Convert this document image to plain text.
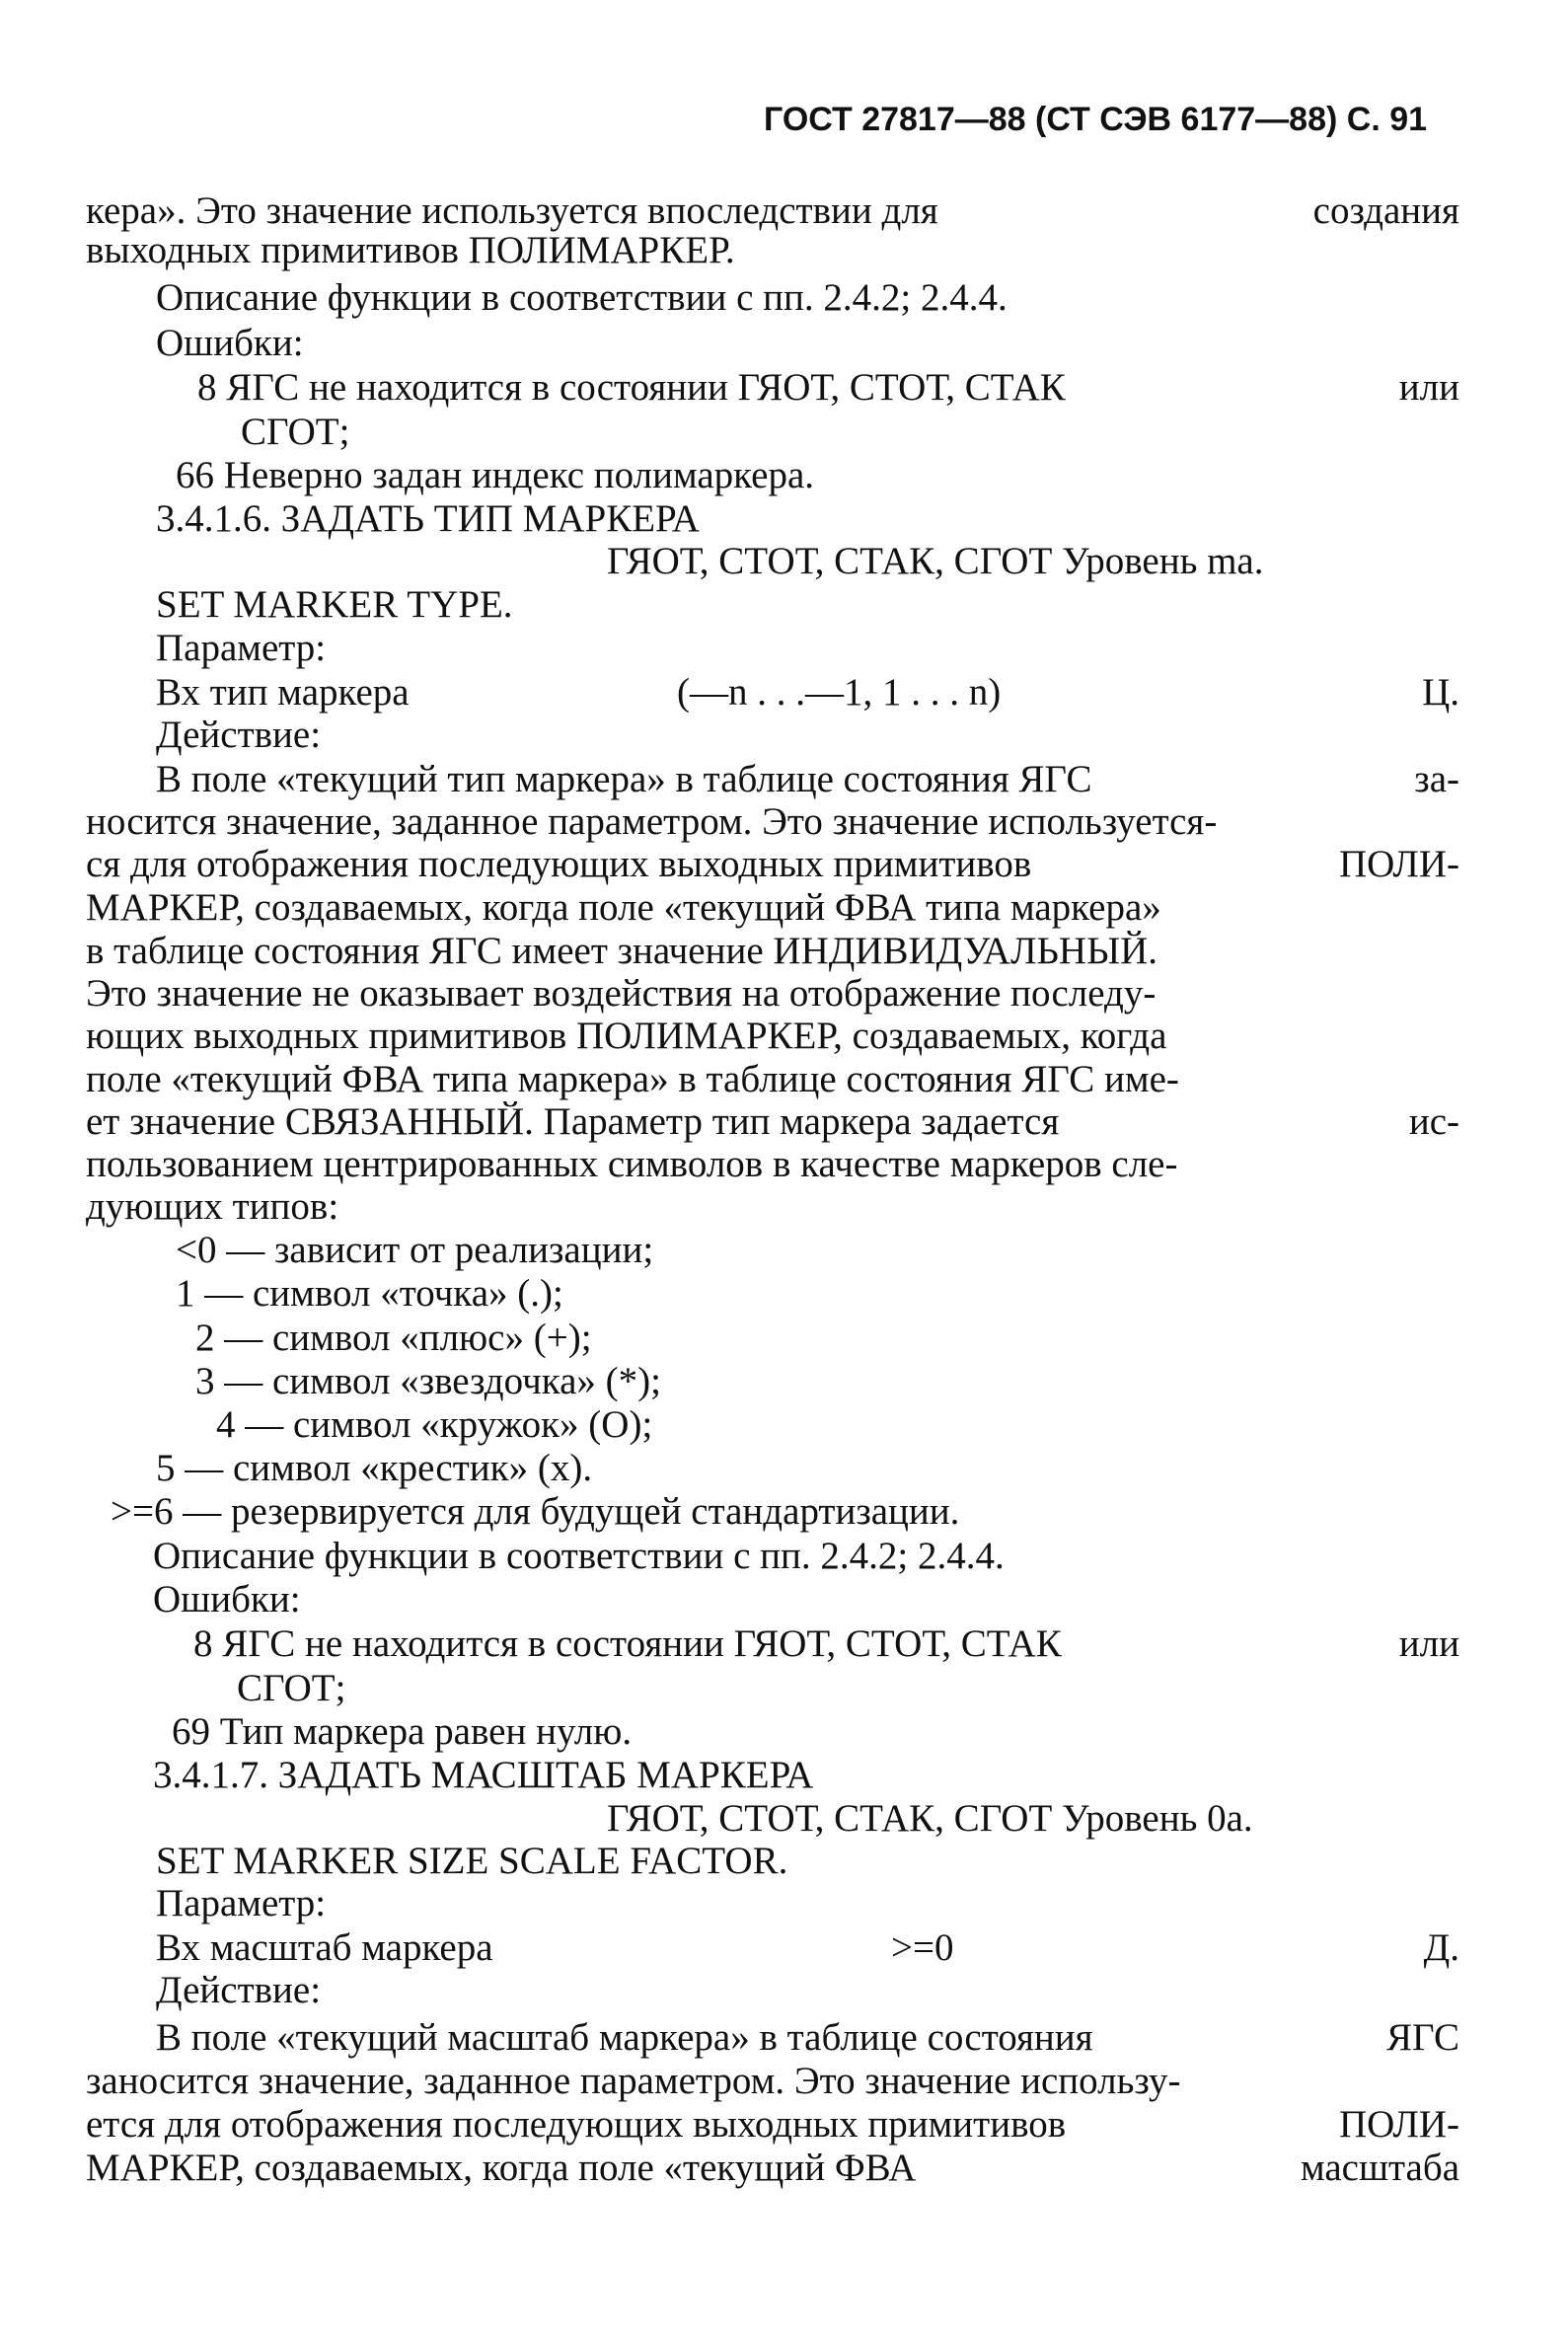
ГОСТ 27817—88 (СТ СЭВ 6177—88) С. 91
кера». Это значение используется впоследствии для	создания
выходных примитивов ПОЛИМАРКЕР.
Описание функции в соответствии с пп. 2.4.2; 2.4.4.
Ошибки:
8 ЯГС не находится в состоянии ГЯОТ, СТОТ, СТАК	или
СГОТ;
66 Неверно задан индекс полимаркера.
3.4.1.6. ЗАДАТЬ ТИП МАРКЕРА
ГЯОТ, СТОТ, СТАК, СГОТ Уровень ma.
SET MARKER TYPE.
Параметр:
Вх тип маркера	(—n . . .—1, 1 . . . n)	Ц.
Действие:
В поле «текущий тип маркера» в таблице состояния ЯГС	за-
носится значение, заданное параметром. Это значение используется-
ся для отображения последующих выходных примитивов	ПОЛИ-
МАРКЕР, создаваемых, когда поле «текущий ФВА типа маркера»
в таблице состояния ЯГС имеет значение ИНДИВИДУАЛЬНЫЙ.
Это значение не оказывает воздействия на отображение последу-
ющих выходных примитивов ПОЛИМАРКЕР, создаваемых, когда
поле «текущий ФВА типа маркера» в таблице состояния ЯГС име-
ет значение СВЯЗАННЫЙ. Параметр тип маркера задается	ис-
пользованием центрированных символов в качестве маркеров сле-
дующих типов:
<0 — зависит от реализации;
1 — символ «точка» (.);
2 — символ «плюс» (+);
3 — символ «звездочка» (*);
4 — символ «кружок» (O);
5 — символ «крестик» (x).
>=6 — резервируется для будущей стандартизации.
Описание функции в соответствии с пп. 2.4.2; 2.4.4.
Ошибки:
8 ЯГС не находится в состоянии ГЯОТ, СТОТ, СТАК	или
СГОТ;
69 Тип маркера равен нулю.
3.4.1.7. ЗАДАТЬ МАСШТАБ МАРКЕРА
ГЯОТ, СТОТ, СТАК, СГОТ Уровень 0a.
SET MARKER SIZE SCALE FACTOR.
Параметр:
Вх масштаб маркера	>=0	Д.
Действие:
В поле «текущий масштаб маркера» в таблице состояния	ЯГС
заносится значение, заданное параметром. Это значение использу-
ется для отображения последующих выходных примитивов	ПОЛИ-
МАРКЕР, создаваемых, когда поле «текущий ФВА	масштаба
